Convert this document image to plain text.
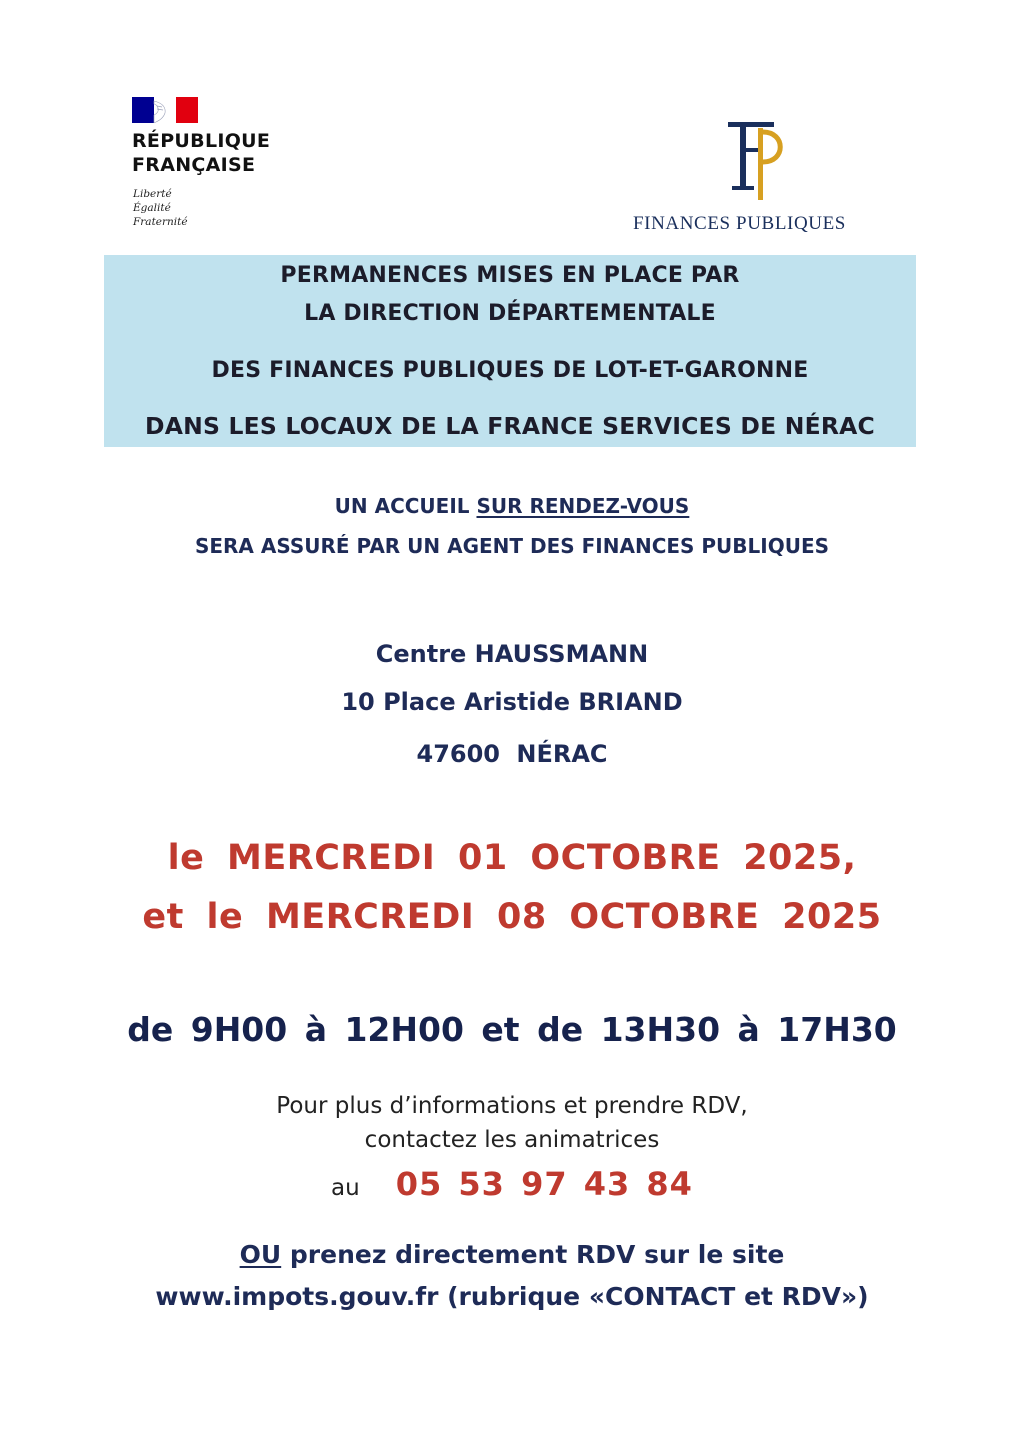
RÉPUBLIQUE
FRANÇAISE
Liberté
Égalité
Fraternité	FINANCES PUBLIQUES
PERMANENCES MISES EN PLACE PAR
LA DIRECTION DÉPARTEMENTALE
DES FINANCES PUBLIQUES DE LOT-ET-GARONNE
DANS LES LOCAUX DE LA FRANCE SERVICES DE NÉRAC
UN ACCUEIL SUR RENDEZ-VOUS
SERA ASSURÉ PAR UN AGENT DES FINANCES PUBLIQUES
Centre HAUSSMANN
10 Place Aristide BRIAND
47600 NÉRAC
le MERCREDI 01 OCTOBRE 2025,
et le MERCREDI 08 OCTOBRE 2025
de 9H00 à 12H00 et de 13H30 à 17H30
Pour plus d’informations et prendre RDV,
contactez les animatrices
au 05 53 97 43 84
OU prenez directement RDV sur le site
www.impots.gouv.fr (rubrique «CONTACT et RDV»)
